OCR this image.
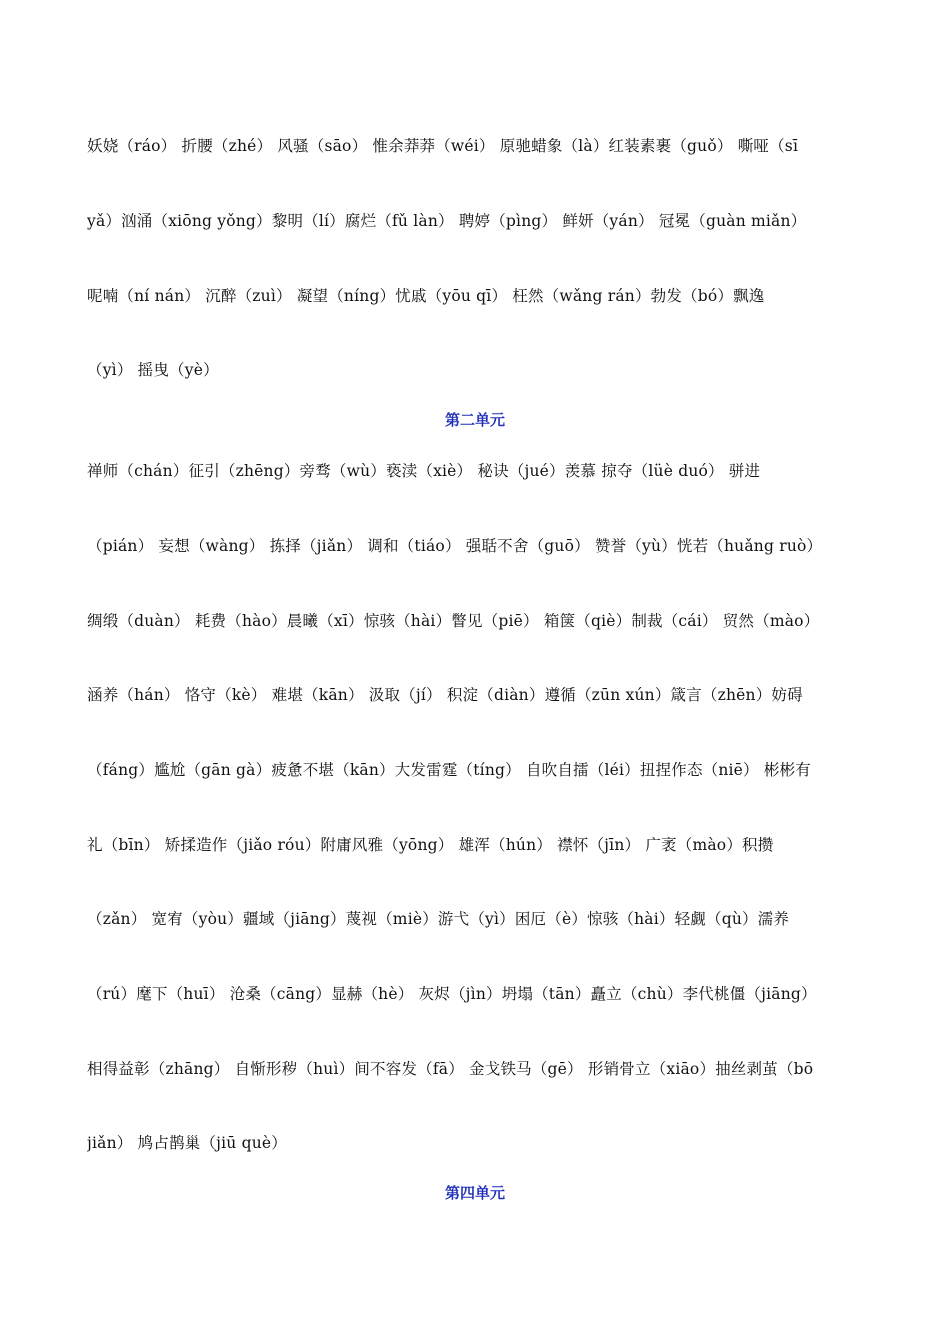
妖娆（ráo） 折腰（zhé） 风骚（sāo） 惟余莽莽（wéi） 原驰蜡象（là）红装素裹（guǒ） 嘶哑（sī
yǎ）汹涌（xiōng yǒng）黎明（lí）腐烂（fǔ làn） 聘婷（pìng） 鲜妍（yán） 冠冕（guàn miǎn）
呢喃（ní nán） 沉醉（zuì） 凝望（níng）忧戚（yōu qī） 枉然（wǎng rán）勃发（bó）飘逸
（yì） 摇曳（yè）
第二单元
禅师（chán）征引（zhēng）旁骛（wù）亵渎（xiè） 秘诀（jué）羡慕 掠夺（lüè duó） 骈进
（pián） 妄想（wàng） 拣择（jiǎn） 调和（tiáo） 强聒不舍（guō） 赞誉（yù）恍若（huǎng ruò）
绸缎（duàn） 耗费（hào）晨曦（xī）惊骇（hài）瞥见（piē） 箱箧（qiè）制裁（cái） 贸然（mào）
涵养（hán） 恪守（kè） 难堪（kān） 汲取（jí） 积淀（diàn）遵循（zūn xún）箴言（zhēn）妨碍
（fáng）尴尬（gān gà）疲惫不堪（kān）大发雷霆（tíng） 自吹自擂（léi）扭捏作态（niē） 彬彬有
礼（bīn） 矫揉造作（jiǎo róu）附庸风雅（yōng） 雄浑（hún） 襟怀（jīn） 广袤（mào）积攒
（zǎn） 宽宥（yòu）疆域（jiāng）蔑视（miè）游弋（yì）困厄（è）惊骇（hài）轻觑（qù）濡养
（rú）麾下（huī） 沧桑（cāng）显赫（hè） 灰烬（jìn）坍塌（tān）矗立（chù）李代桃僵（jiāng）
相得益彰（zhāng） 自惭形秽（huì）间不容发（fā） 金戈铁马（gē） 形销骨立（xiāo）抽丝剥茧（bō
jiǎn） 鸠占鹊巢（jiū què）
第四单元
